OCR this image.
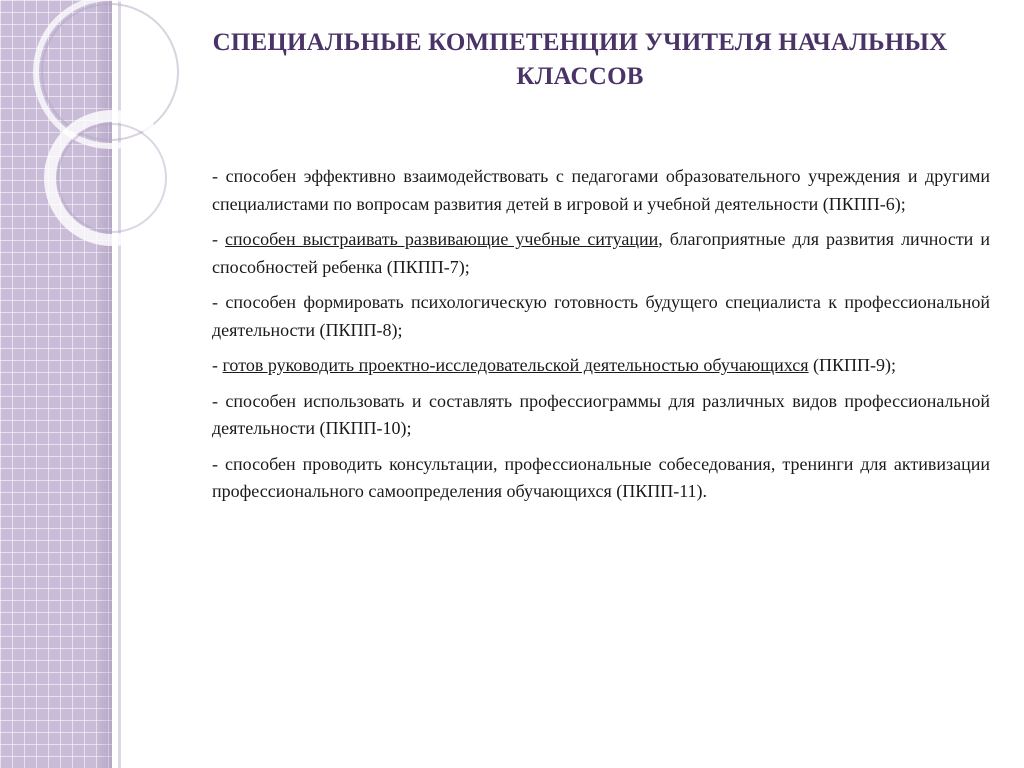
СПЕЦИАЛЬНЫЕ КОМПЕТЕНЦИИ УЧИТЕЛЯ НАЧАЛЬНЫХ КЛАССОВ

- способен эффективно взаимодействовать с педагогами образовательного учреждения и другими специалистами по вопросам развития детей в игровой и учебной деятельности (ПКПП-6);

- способен выстраивать развивающие учебные ситуации, благоприятные для развития личности и способностей ребенка (ПКПП-7);

- способен формировать психологическую готовность будущего специалиста к профессиональной деятельности (ПКПП-8);

- готов руководить проектно-исследовательской деятельностью обучающихся (ПКПП-9);

- способен использовать и составлять профессиограммы для различных видов профессиональной деятельности (ПКПП-10);

- способен проводить консультации, профессиональные собеседования, тренинги для активизации профессионального самоопределения обучающихся (ПКПП-11).
